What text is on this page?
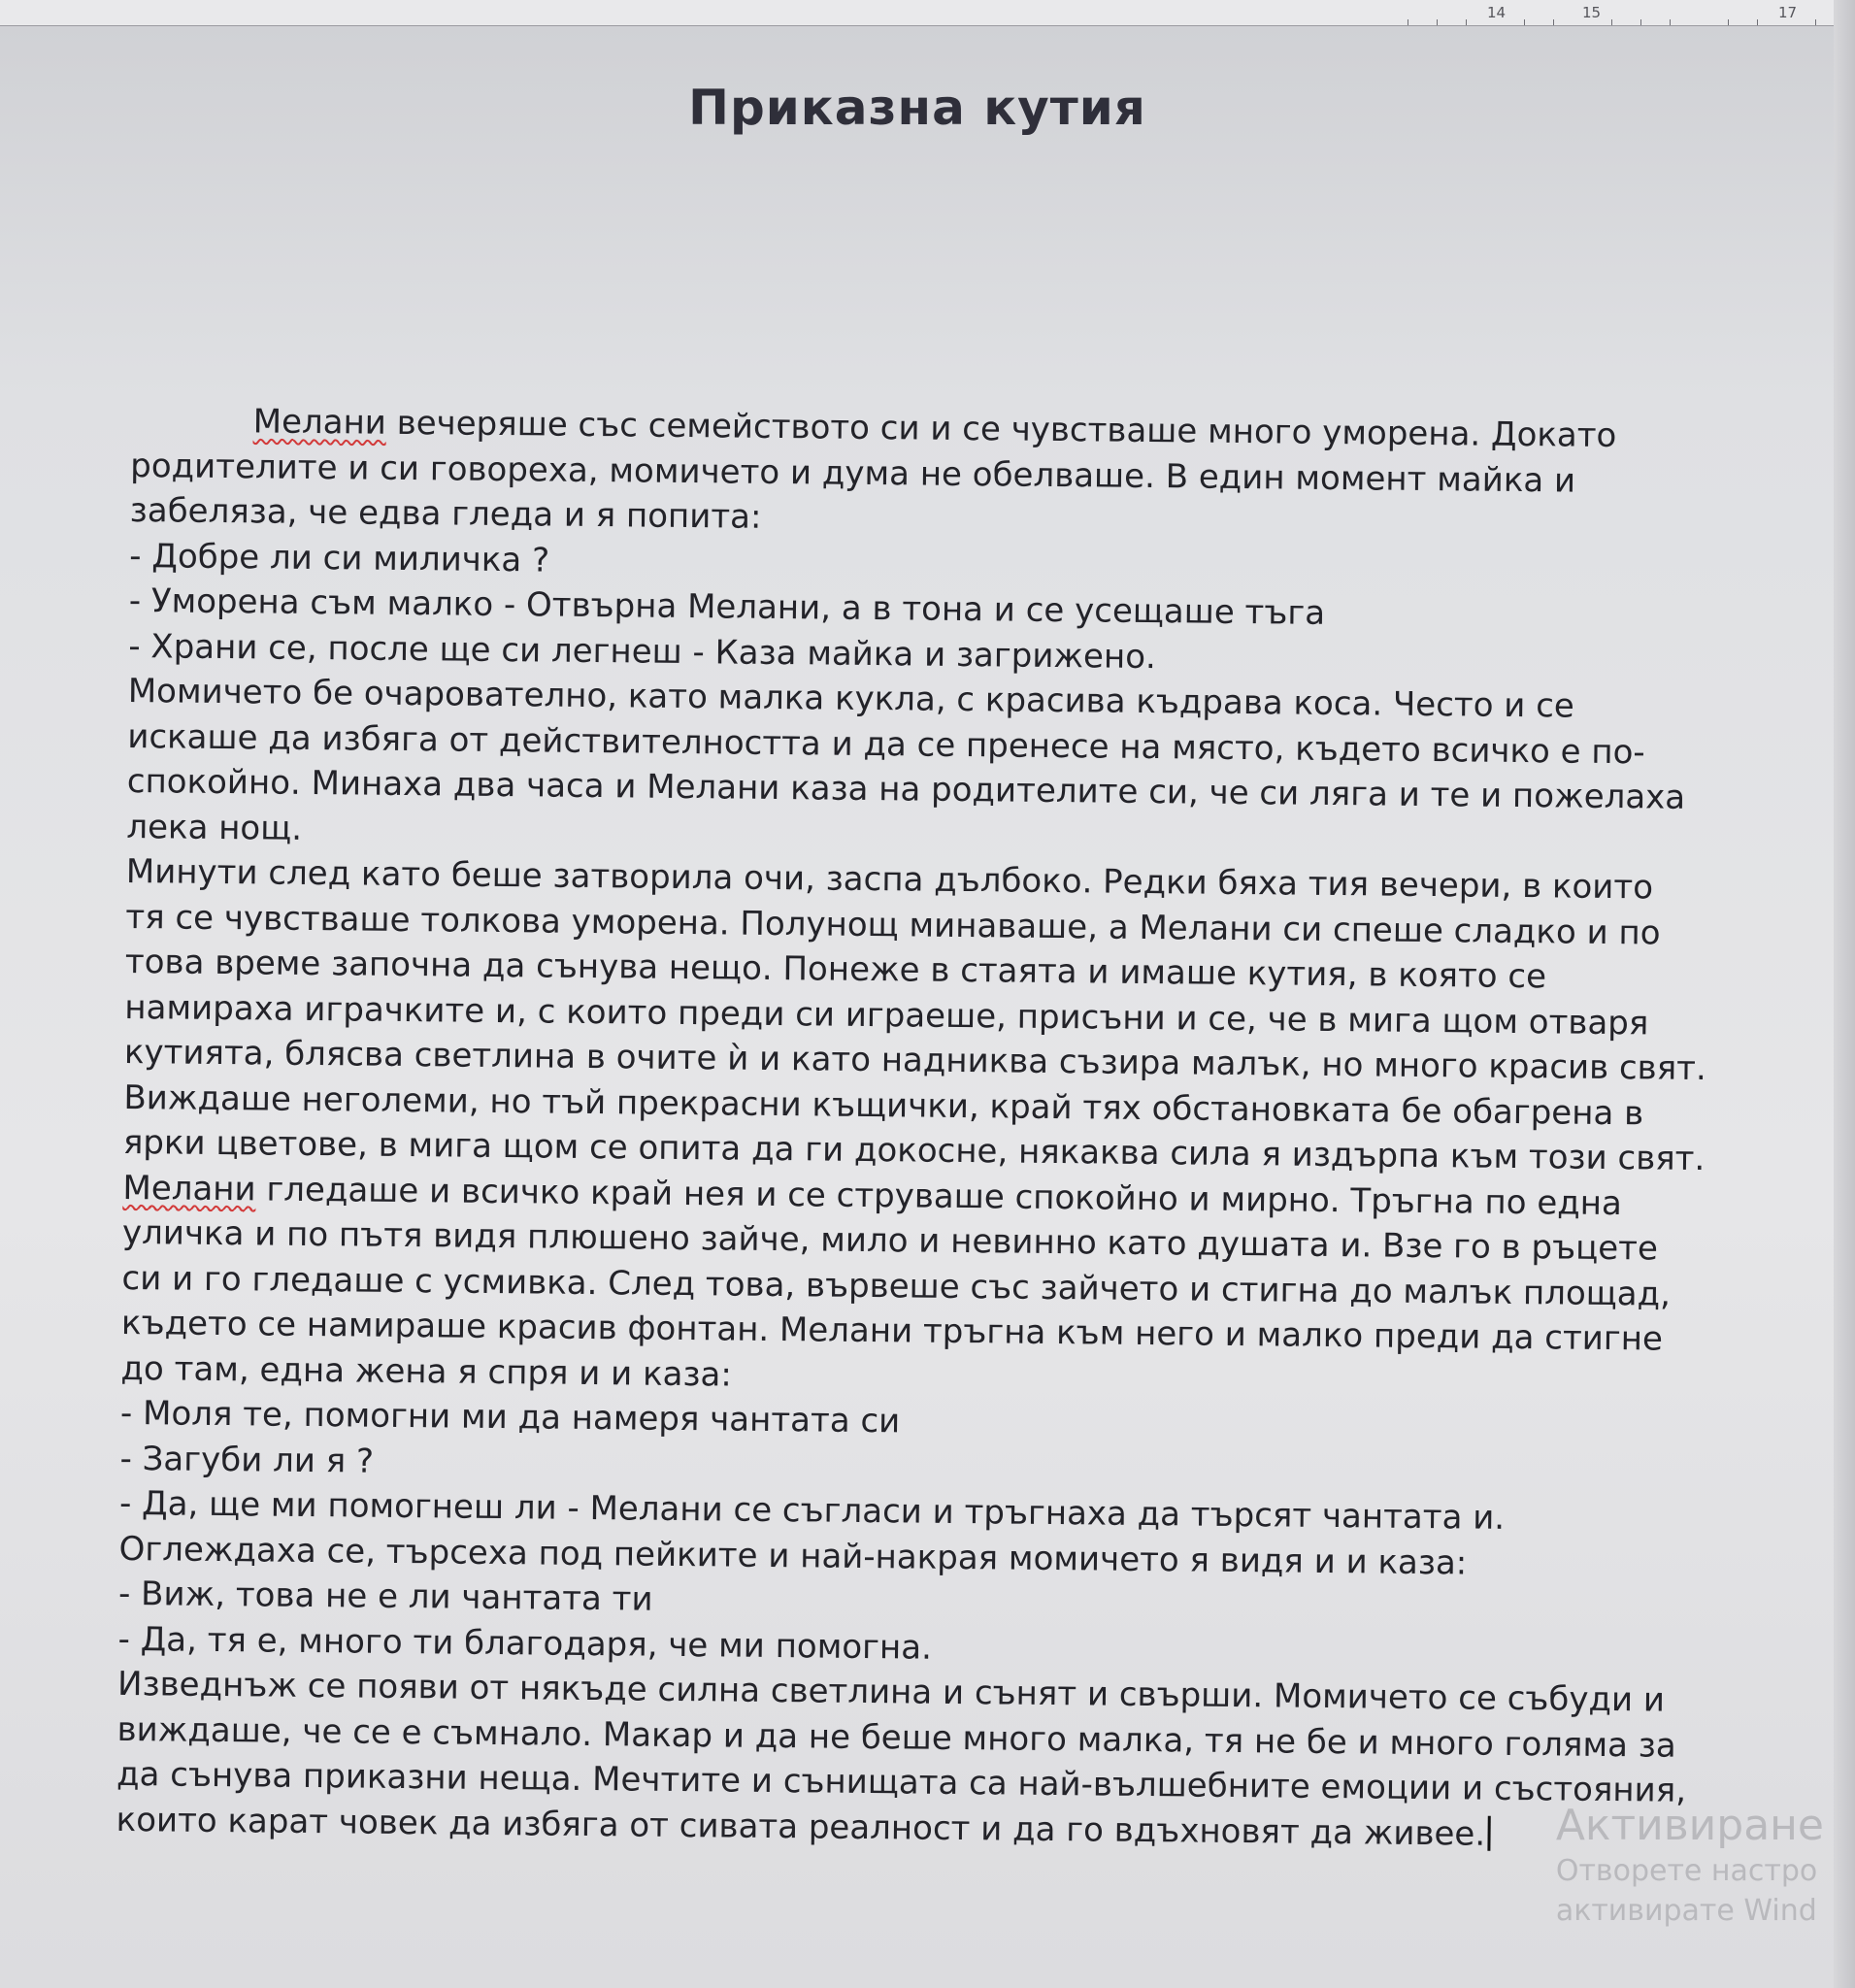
14	15	17
Приказна кутия

Мелани вечеряше със семейството си и се чувстваше много уморена. Докато

родителите и си говореха, момичето и дума не обелваше. В един момент майка и

забеляза, че едва гледа и я попита:

- Добре ли си миличка ?

- Уморена съм малко - Отвърна Мелани, а в тона и се усещаше тъга

- Храни се, после ще си легнеш - Каза майка и загрижено.

Момичето бе очарователно, като малка кукла, с красива къдрава коса. Често и се

искаше да избяга от действителността и да се пренесе на място, където всичко е по-

спокойно. Минаха два часа и Мелани каза на родителите си, че си ляга и те и пожелаха

лека нощ.

Минути след като беше затворила очи, заспа дълбоко. Редки бяха тия вечери, в които

тя се чувстваше толкова уморена. Полунощ минаваше, а Мелани си спеше сладко и по

това време започна да сънува нещо. Понеже в стаята и имаше кутия, в която се

намираха играчките и, с които преди си играеше, присъни и се, че в мига щом отваря

кутията, блясва светлина в очите ѝ и като надниква съзира малък, но много красив свят.

Виждаше неголеми, но тъй прекрасни къщички, край тях обстановката бе обагрена в

ярки цветове, в мига щом се опита да ги докосне, някаква сила я издърпа към този свят.

Мелани гледаше и всичко край нея и се струваше спокойно и мирно. Тръгна по една

уличка и по пътя видя плюшено зайче, мило и невинно като душата и. Взе го в ръцете

си и го гледаше с усмивка. След това, вървеше със зайчето и стигна до малък площад,

където се намираше красив фонтан. Мелани тръгна към него и малко преди да стигне

до там, една жена я спря и и каза:

- Моля те, помогни ми да намеря чантата си

- Загуби ли я ?

- Да, ще ми помогнеш ли - Мелани се съгласи и тръгнаха да търсят чантата и.

Оглеждаха се, търсеха под пейките и най-накрая момичето я видя и и каза:

- Виж, това не е ли чантата ти

- Да, тя е, много ти благодаря, че ми помогна.

Изведнъж се появи от някъде силна светлина и сънят и свърши. Момичето се събуди и

виждаше, че се е съмнало. Макар и да не беше много малка, тя не бе и много голяма за

да сънува приказни неща. Мечтите и сънищата са най-вълшебните емоции и състояния,

които карат човек да избяга от сивата реалност и да го вдъхновят да живее.	Активиране
Отворете настро
активирате Wind
